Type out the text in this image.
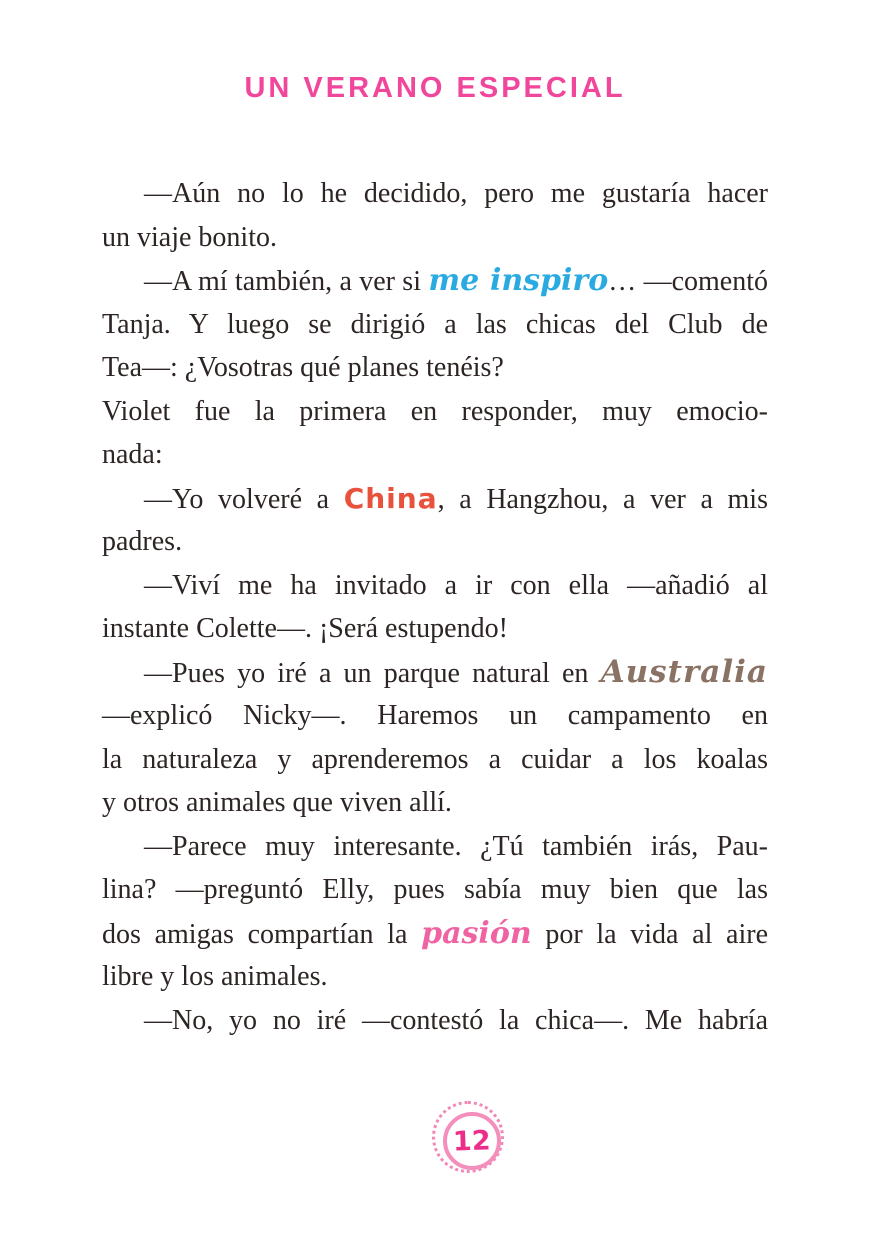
UN VERANO ESPECIAL
—Aún no lo he decidido, pero me gustaría hacer
un viaje bonito.
—A mí también, a ver si me inspiro… —comentó
Tanja. Y luego se dirigió a las chicas del Club de
Tea—: ¿Vosotras qué planes tenéis?
Violet fue la primera en responder, muy emocio-
nada:
—Yo volveré a China, a Hangzhou, a ver a mis
padres.
—Viví me ha invitado a ir con ella —añadió al
instante Colette—. ¡Será estupendo!
—Pues yo iré a un parque natural en Australia
—explicó Nicky—. Haremos un campamento en
la naturaleza y aprenderemos a cuidar a los koalas
y otros animales que viven allí.
—Parece muy interesante. ¿Tú también irás, Pau-
lina? —preguntó Elly, pues sabía muy bien que las
dos amigas compartían la pasión por la vida al aire
libre y los animales.
—No, yo no iré —contestó la chica—. Me habría
12
